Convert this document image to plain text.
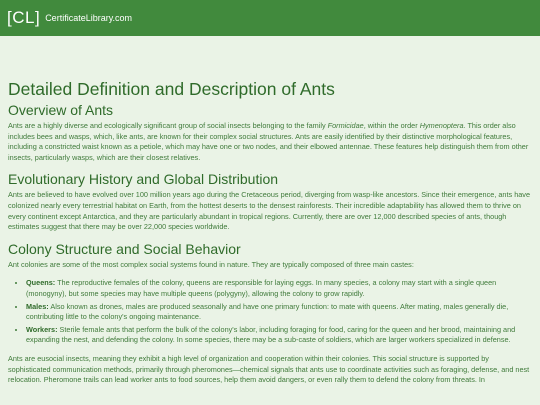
[CL] CertificateLibrary.com
Detailed Definition and Description of Ants
Overview of Ants

Ants are a highly diverse and ecologically significant group of social insects belonging to the family Formicidae, within the order Hymenoptera. This order also includes bees and wasps, which, like ants, are known for their complex social structures. Ants are easily identified by their distinctive morphological features, including a constricted waist known as a petiole, which may have one or two nodes, and their elbowed antennae. These features help distinguish them from other insects, particularly wasps, which are their closest relatives.

Evolutionary History and Global Distribution

Ants are believed to have evolved over 100 million years ago during the Cretaceous period, diverging from wasp-like ancestors. Since their emergence, ants have colonized nearly every terrestrial habitat on Earth, from the hottest deserts to the densest rainforests. Their incredible adaptability has allowed them to thrive on every continent except Antarctica, and they are particularly abundant in tropical regions. Currently, there are over 12,000 described species of ants, though estimates suggest that there may be over 22,000 species worldwide.

Colony Structure and Social Behavior

Ant colonies are some of the most complex social systems found in nature. They are typically composed of three main castes:

• Queens: The reproductive females of the colony, queens are responsible for laying eggs. In many species, a colony may start with a single queen (monogyny), but some species may have multiple queens (polygyny), allowing the colony to grow rapidly.
• Males: Also known as drones, males are produced seasonally and have one primary function: to mate with queens. After mating, males generally die, contributing little to the colony's ongoing maintenance.
• Workers: Sterile female ants that perform the bulk of the colony's labor, including foraging for food, caring for the queen and her brood, maintaining and expanding the nest, and defending the colony. In some species, there may be a sub-caste of soldiers, which are larger workers specialized in defense.

Ants are eusocial insects, meaning they exhibit a high level of organization and cooperation within their colonies. This social structure is supported by sophisticated communication methods, primarily through pheromones—chemical signals that ants use to coordinate activities such as foraging, defense, and nest relocation. Pheromone trails can lead worker ants to food sources, help them avoid dangers, or even rally them to defend the colony from threats. In
